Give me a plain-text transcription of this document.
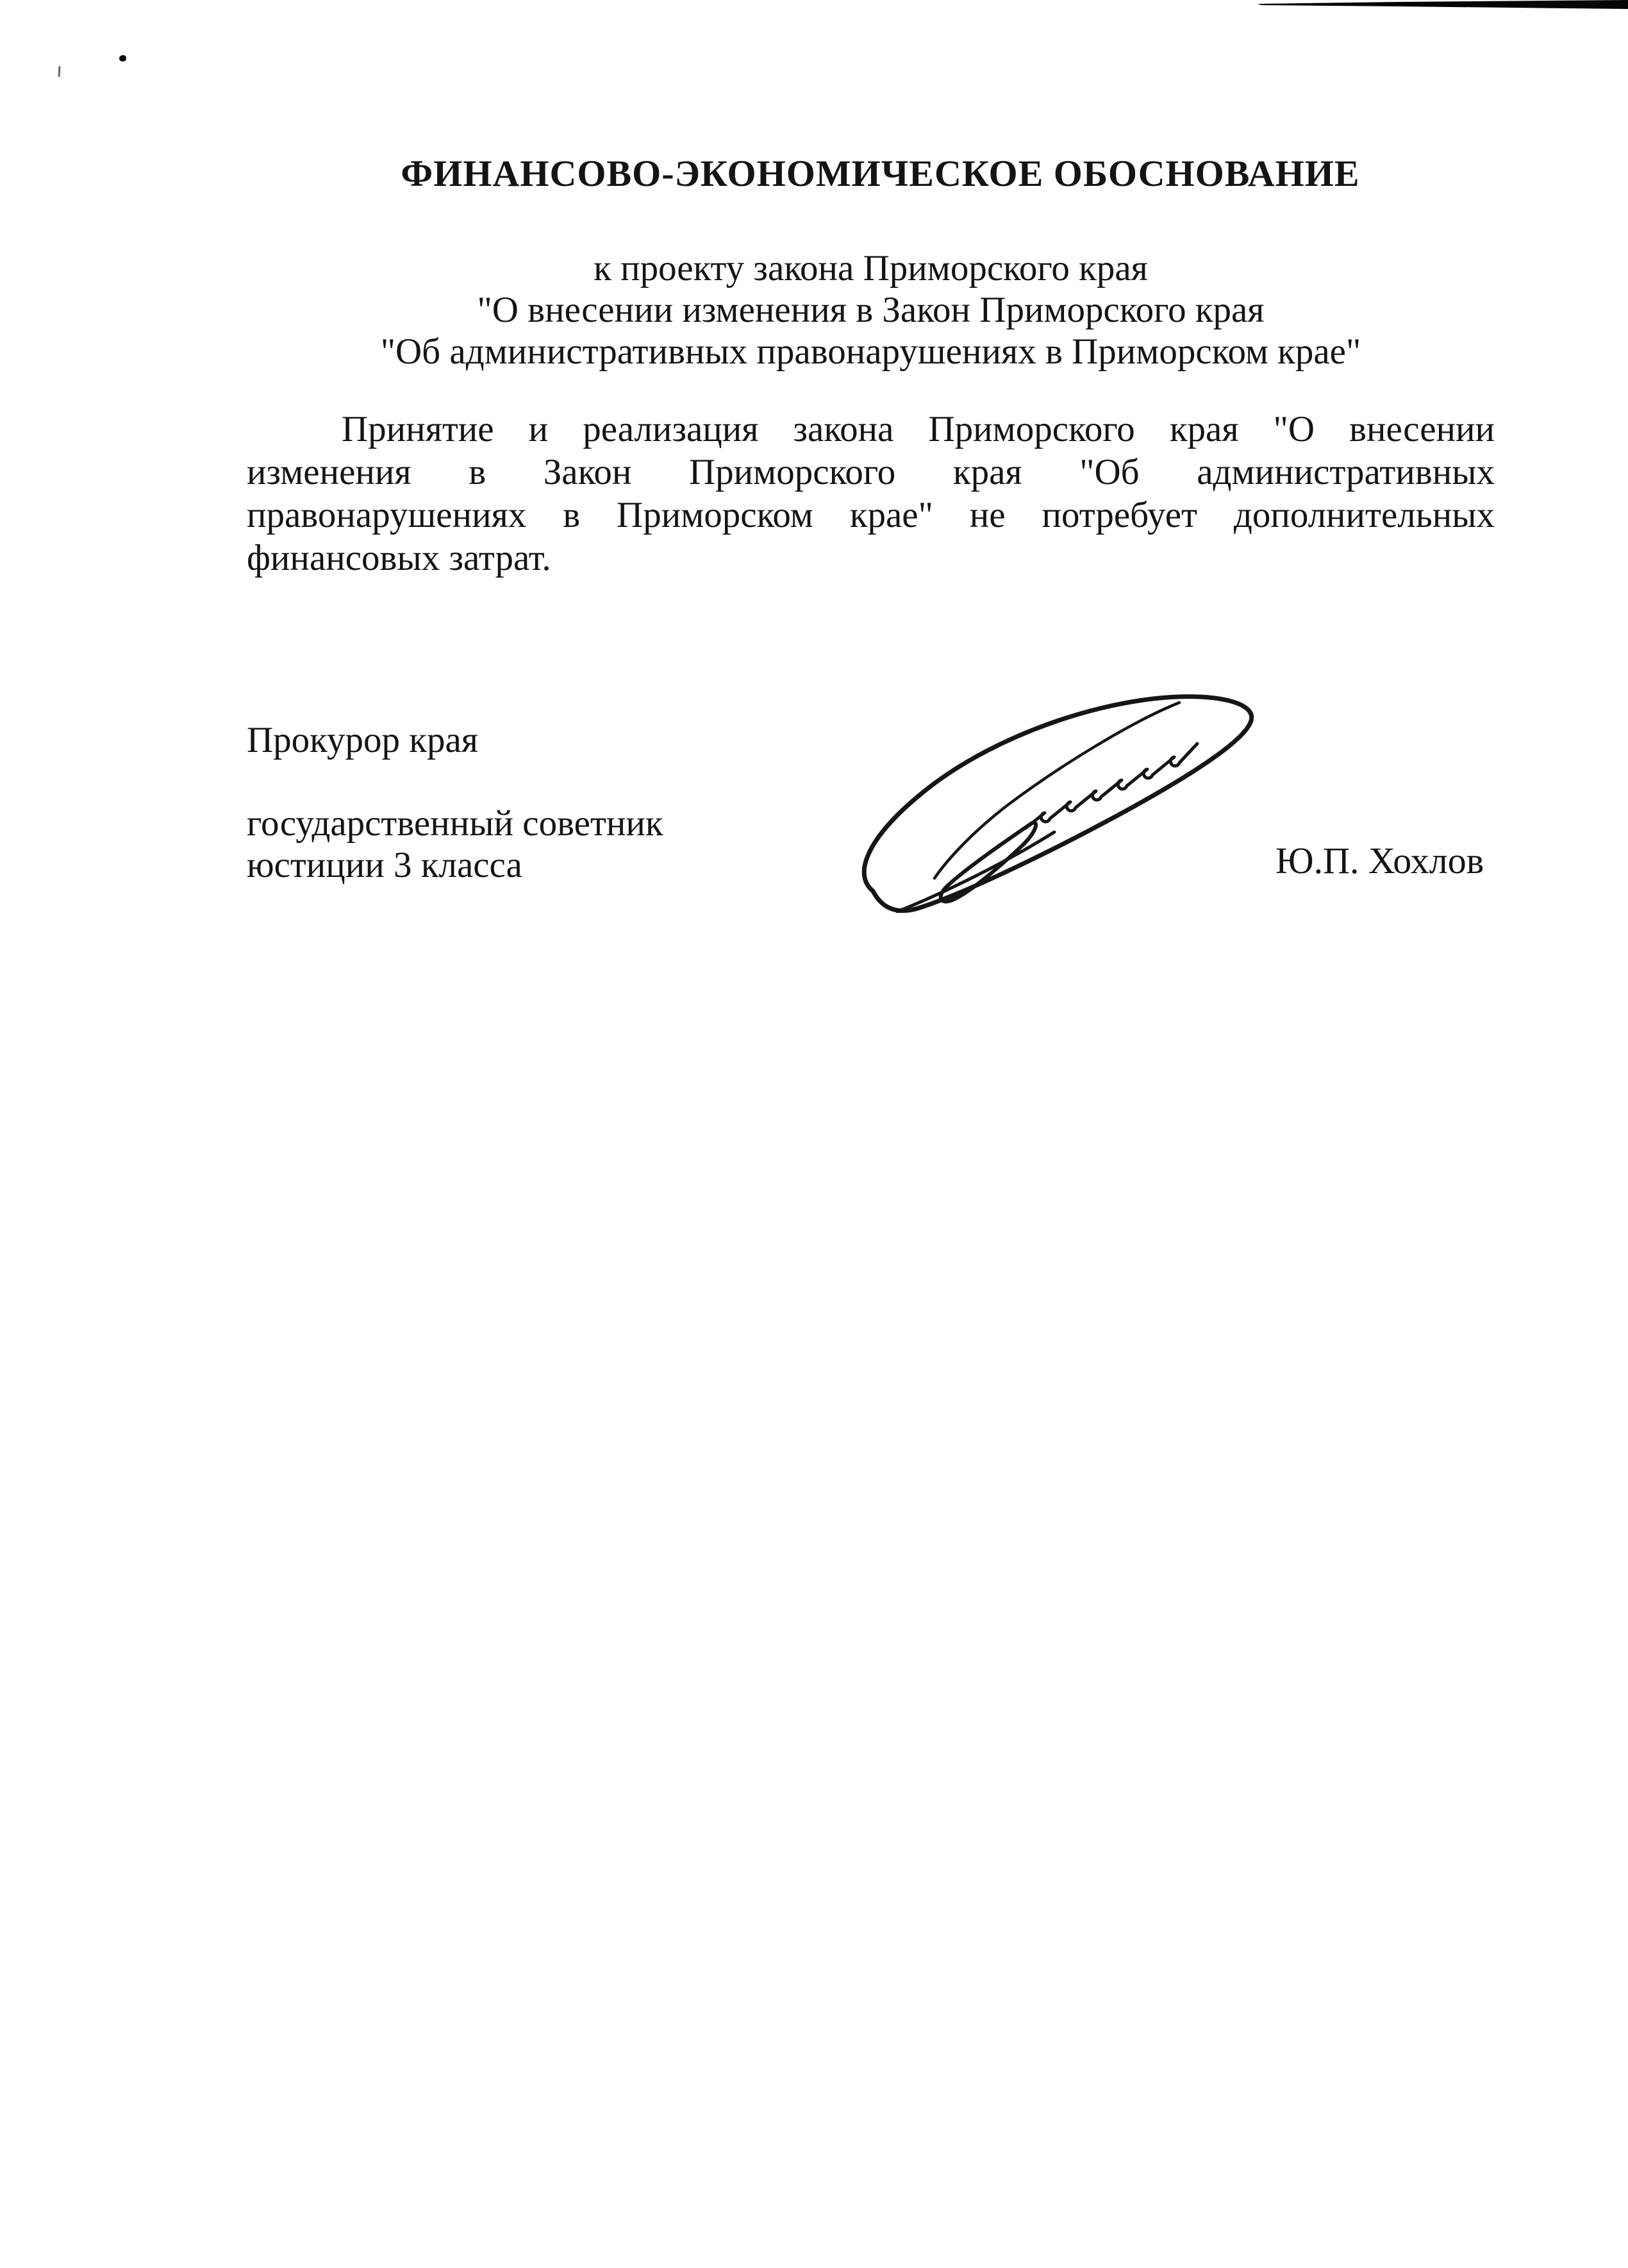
ФИНАНСОВО-ЭКОНОМИЧЕСКОЕ ОБОСНОВАНИЕ
к проекту закона Приморского края
"О внесении изменения в Закон Приморского края
"Об административных правонарушениях в Приморском крае"
Принятие и реализация закона Приморского края "О внесении
изменения в Закон Приморского края "Об административных
правонарушениях в Приморском крае" не потребует дополнительных
финансовых затрат.
Прокурор края
государственный советник
юстиции 3 класса	Ю.П. Хохлов
